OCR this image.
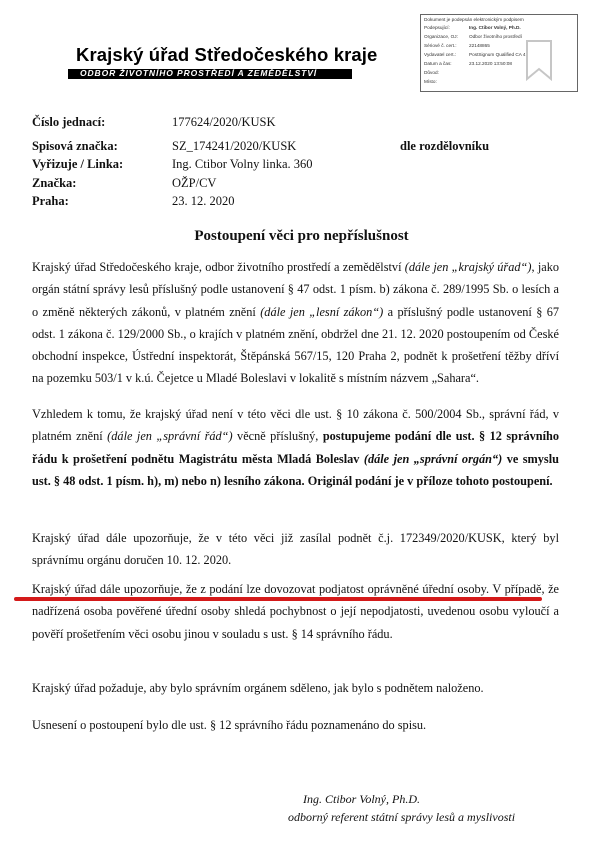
Krajský úřad Středočeského kraje
ODBOR ŽIVOTNÍHO PROSTŘEDÍ A ZEMĚDĚLSTVÍ
Dokument je podepsán elektronickým podpisem
Podepsující:	Ing. Ctibor Volný, Ph.D.
Organizace, OJ: Odbor životního prostředí
Sériové č. cert.:	22148865
Vydavatel cert.:	PostSignum Qualified CA 4
Datum a čas:	23.12.2020 13:50:08
Důvod:
Místo:
Číslo jednací:	177624/2020/KUSK
Spisová značka:	SZ_174241/2020/KUSK	dle rozdělovníku
Vyřizuje / Linka:	Ing. Ctibor Volny linka. 360
Značka:	OŽP/CV
Praha:	23. 12. 2020
Postoupení věci pro nepříslušnost

Krajský úřad Středočeského kraje, odbor životního prostředí a zemědělství (dále jen „krajský úřad“), jako orgán státní správy lesů příslušný podle ustanovení § 47 odst. 1 písm. b) zákona č. 289/1995 Sb. o lesích a o změně některých zákonů, v platném znění (dále jen „lesní zákon“) a příslušný podle ustanovení § 67 odst. 1 zákona č. 129/2000 Sb., o krajích v platném znění, obdržel dne 21. 12. 2020 postoupením od České obchodní inspekce, Ústřední inspektorát, Štěpánská 567/15, 120 Praha 2, podnět k prošetření těžby dříví na pozemku 503/1 v k.ú. Čejetce u Mladé Boleslavi v lokalitě s místním názvem „Sahara“.

Vzhledem k tomu, že krajský úřad není v této věci dle ust. § 10 zákona č. 500/2004 Sb., správní řád, v platném znění (dále jen „správní řád“) věcně příslušný, postupujeme podání dle ust. § 12 správního řádu k prošetření podnětu Magistrátu města Mladá Boleslav (dále jen „správní orgán“) ve smyslu ust. § 48 odst. 1 písm. h), m) nebo n) lesního zákona. Originál podání je v příloze tohoto postoupení.

Krajský úřad dále upozorňuje, že v této věci již zasílal podnět č.j. 172349/2020/KUSK, který byl správnímu orgánu doručen 10. 12. 2020.

Krajský úřad dále upozorňuje, že z podání lze dovozovat podjatost oprávněné úřední osoby. V případě, že nadřízená osoba pověřené úřední osoby shledá pochybnost o její nepodjatosti, uvedenou osobu vyloučí a pověří prošetřením věci osobu jinou v souladu s ust. § 14 správního řádu.

Krajský úřad požaduje, aby bylo správním orgánem sděleno, jak bylo s podnětem naloženo.

Usnesení o postoupení bylo dle ust. § 12 správního řádu poznamenáno do spisu.

Ing. Ctibor Volný, Ph.D.
odborný referent státní správy lesů a myslivosti
